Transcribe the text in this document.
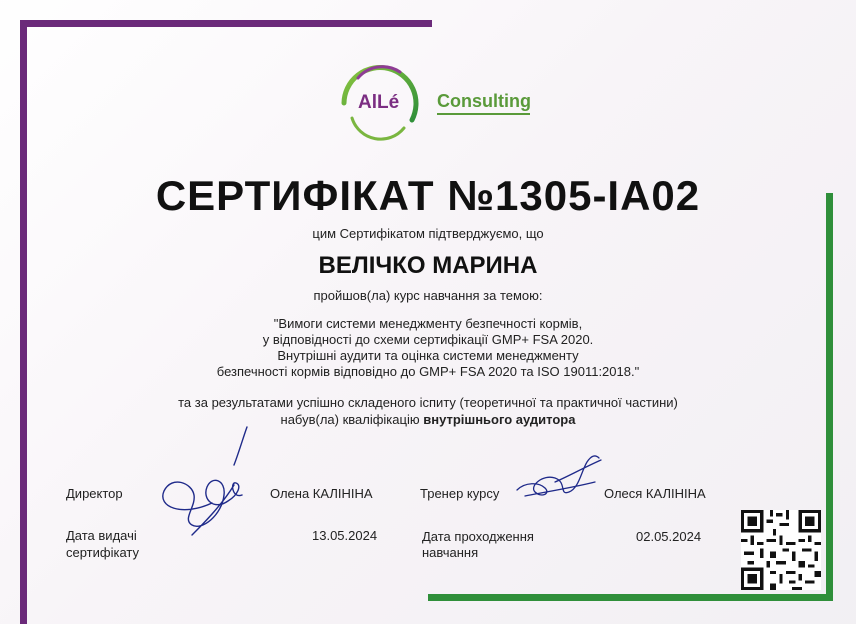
AlLé Consulting
СЕРТИФІКАТ №1305-IA02
цим Сертифікатом підтверджуємо, що
ВЕЛІЧКО МАРИНА
пройшов(ла) курс навчання за темою:
"Вимоги системи менеджменту безпечності кормів,
у відповідності до схеми сертифікації GMP+ FSA 2020.
Внутрішні аудити та оцінка системи менеджменту
безпечності кормів відповідно до GMP+ FSA 2020 та ISO 19011:2018."
та за результатами успішно складеного іспиту (теоретичної та практичної частини)
набув(ла) кваліфікацію внутрішнього аудитора
Директор	Олена КАЛІНІНА	Тренер курсу	Олеся КАЛІНІНА
Дата видачі
сертифікату
13.05.2024	Дата проходження
навчання
02.05.2024
